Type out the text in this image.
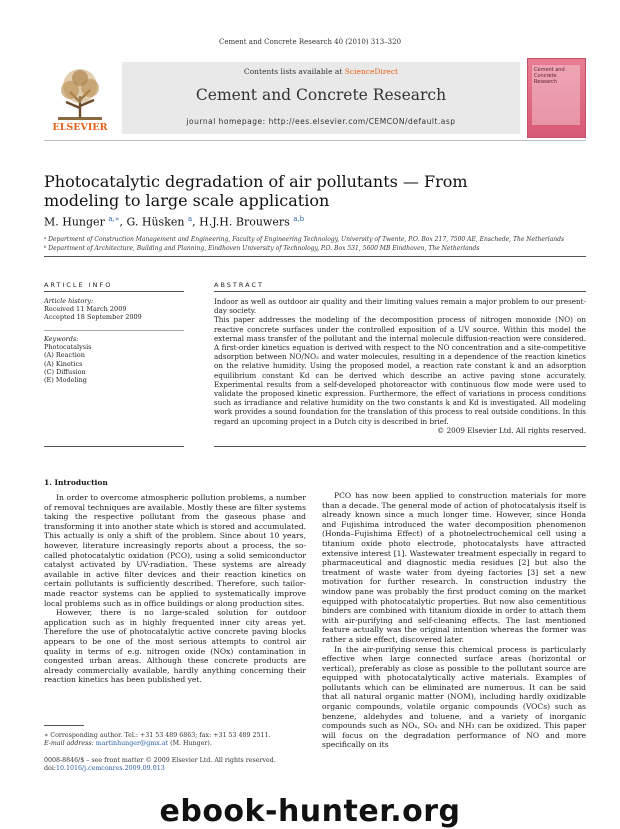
Cement and Concrete Research 40 (2010) 313–320
ELSEVIER
Contents lists available at ScienceDirect
Cement and Concrete Research
journal homepage: http://ees.elsevier.com/CEMCON/default.asp
Cement and Concrete Research
Photocatalytic degradation of air pollutants — From modeling to large scale application
M. Hunger $^{a,∗}$, G. Hüsken $^a$, H.J.H. Brouwers $^{a,b}$
ᵃ Department of Construction Management and Engineering, Faculty of Engineering Technology, University of Twente, P.O. Box 217, 7500 AE, Enschede, The Netherlands
ᵇ Department of Architecture, Building and Planning, Eindhoven University of Technology, P.O. Box 531, 5600 MB Eindhoven, The Netherlands
ARTICLE INFO
Article history:
Received 11 March 2009
Accepted 18 September 2009
Keywords:
Photocatalysis
(A) Reaction
(A) Kinetics
(C) Diffusion
(E) Modeling
ABSTRACT

Indoor as well as outdoor air quality and their limiting values remain a major problem to our present-day society.

This paper addresses the modeling of the decomposition process of nitrogen monoxide (NO) on reactive concrete surfaces under the controlled exposition of a UV source. Within this model the external mass transfer of the pollutant and the internal molecule diffusion-reaction were considered. A first-order kinetics equation is derived with respect to the NO concentration and a site-competitive adsorption between NO/NO₂ and water molecules, resulting in a dependence of the reaction kinetics on the relative humidity. Using the proposed model, a reaction rate constant k and an adsorption equilibrium constant Kd can be derived which describe an active paving stone accurately. Experimental results from a self-developed photoreactor with continuous flow mode were used to validate the proposed kinetic expression. Furthermore, the effect of variations in process conditions such as irradiance and relative humidity on the two constants k and Kd is investigated. All modeling work provides a sound foundation for the translation of this process to real outside conditions. In this regard an upcoming project in a Dutch city is described in brief.

© 2009 Elsevier Ltd. All rights reserved.

1. Introduction

In order to overcome atmospheric pollution problems, a number of removal techniques are available. Mostly these are filter systems taking the respective pollutant from the gaseous phase and transforming it into another state which is stored and accumulated. This actually is only a shift of the problem. Since about 10 years, however, literature increasingly reports about a process, the so-called photocatalytic oxidation (PCO), using a solid semiconductor catalyst activated by UV-radiation. These systems are already available in active filter devices and their reaction kinetics on certain pollutants is sufficiently described. Therefore, such tailor-made reactor systems can be applied to systematically improve local problems such as in office buildings or along production sites.

However, there is no large-scaled solution for outdoor application such as in highly frequented inner city areas yet. Therefore the use of photocatalytic active concrete paving blocks appears to be one of the most serious attempts to control air quality in terms of e.g. nitrogen oxide (NOx) contamination in congested urban areas. Although these concrete products are already commercially available, hardly anything concerning their reaction kinetics has been published yet.

PCO has now been applied to construction materials for more than a decade. The general mode of action of photocatalysis itself is already known since a much longer time. However, since Honda and Fujishima introduced the water decomposition phenomenon (Honda–Fujishima Effect) of a photoelectrochemical cell using a titanium oxide photo electrode, photocatalysts have attracted extensive interest [1]. Wastewater treatment especially in regard to pharmaceutical and diagnostic media residues [2] but also the treatment of waste water from dyeing factories [3] set a new motivation for further research. In construction industry the window pane was probably the first product coming on the market equipped with photocatalytic properties. But now also cementitious binders are combined with titanium dioxide in order to attach them with air-purifying and self-cleaning effects. The last mentioned feature actually was the original intention whereas the former was rather a side effect, discovered later.

In the air-purifying sense this chemical process is particularly effective when large connected surface areas (horizontal or vertical), preferably as close as possible to the pollutant source are equipped with photocatalytically active materials. Examples of pollutants which can be eliminated are numerous. It can be said that all natural organic matter (NOM), including hardly oxidizable organic compounds, volatile organic compounds (VOCs) such as benzene, aldehydes and toluene, and a variety of inorganic compounds such as NOₓ, SOₓ and NH₃ can be oxidized. This paper will focus on the degradation performance of NO and more specifically on its

∗ Corresponding author. Tel.: +31 53 489 6863; fax: +31 53 489 2511.
E-mail address: martinhunger@gmx.at (M. Hunger).
0008-8846/$ – see front matter © 2009 Elsevier Ltd. All rights reserved.
doi:10.1016/j.cemconres.2009.09.013
ebook-hunter.org
